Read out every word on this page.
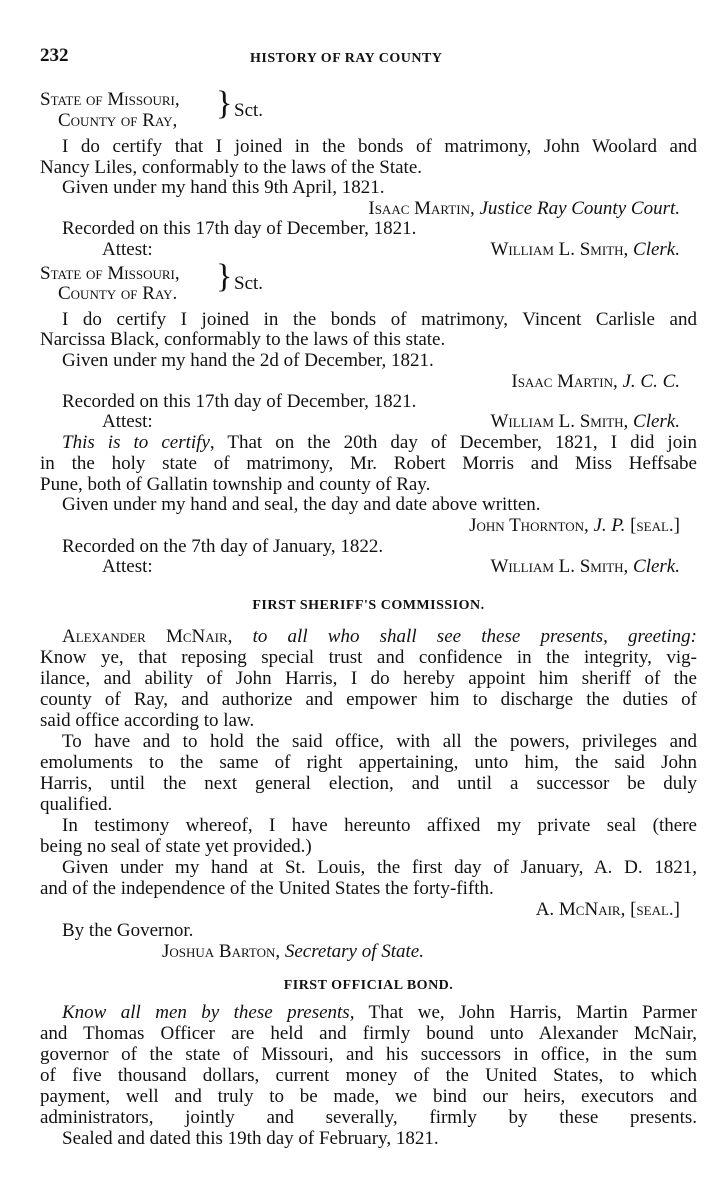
232	HISTORY OF RAY COUNTY
State of Missouri,
County of Ray, } Sct.
I do certify that I joined in the bonds of matrimony, John Woolard and
Nancy Liles, conformably to the laws of the State.
Given under my hand this 9th April, 1821.
Isaac Martin, Justice Ray County Court.
Recorded on this 17th day of December, 1821.
Attest:	William L. Smith, Clerk.
State of Missouri,
County of Ray. } Sct.
I do certify I joined in the bonds of matrimony, Vincent Carlisle and
Narcissa Black, conformably to the laws of this state.
Given under my hand the 2d of December, 1821.
Isaac Martin, J. C. C.
Recorded on this 17th day of December, 1821.
Attest:	William L. Smith, Clerk.
This is to certify, That on the 20th day of December, 1821, I did join
in the holy state of matrimony, Mr. Robert Morris and Miss Heffsabe
Pune, both of Gallatin township and county of Ray.
Given under my hand and seal, the day and date above written.
John Thornton, J. P. [seal.]
Recorded on the 7th day of January, 1822.
Attest:	William L. Smith, Clerk.
FIRST SHERIFF'S COMMISSION.
Alexander McNair, to all who shall see these presents, greeting:
Know ye, that reposing special trust and confidence in the integrity, vig-
ilance, and ability of John Harris, I do hereby appoint him sheriff of the
county of Ray, and authorize and empower him to discharge the duties of
said office according to law.
To have and to hold the said office, with all the powers, privileges and
emoluments to the same of right appertaining, unto him, the said John
Harris, until the next general election, and until a successor be duly
qualified.
In testimony whereof, I have hereunto affixed my private seal (there
being no seal of state yet provided.)
Given under my hand at St. Louis, the first day of January, A. D. 1821,
and of the independence of the United States the forty-fifth.
A. McNair, [seal.]
By the Governor.
Joshua Barton, Secretary of State.
FIRST OFFICIAL BOND.
Know all men by these presents, That we, John Harris, Martin Parmer
and Thomas Officer are held and firmly bound unto Alexander McNair,
governor of the state of Missouri, and his successors in office, in the sum
of five thousand dollars, current money of the United States, to which
payment, well and truly to be made, we bind our heirs, executors and
administrators, jointly and severally, firmly by these presents.
Sealed and dated this 19th day of February, 1821.
